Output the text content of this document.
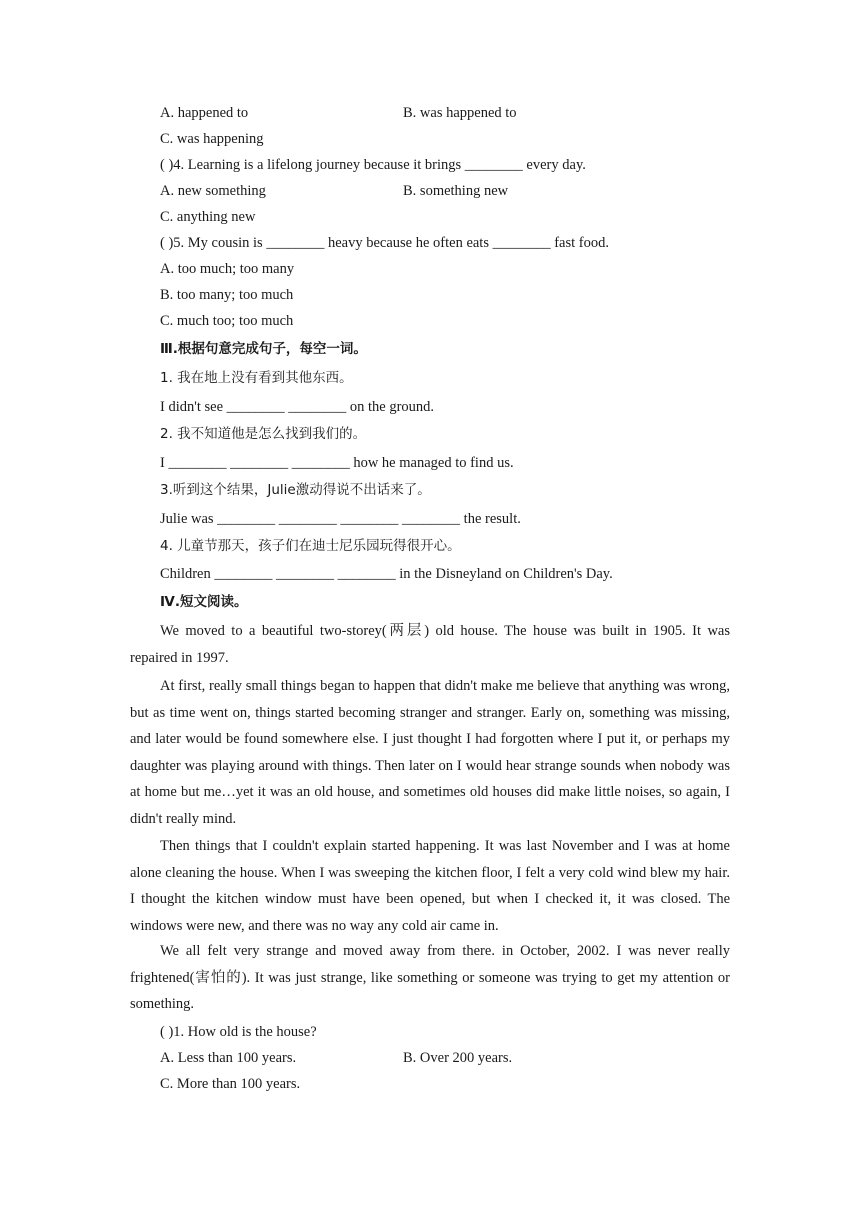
A. happened to	B. was happened to
C. was happening
( )4. Learning is a lifelong journey because it brings ________ every day.
A. new something	B. something new
C. anything new
( )5. My cousin is ________ heavy because he often eats ________ fast food.
A. too much; too many
B. too many; too much
C. much too; too much
Ⅲ.根据句意完成句子，每空一词。
1. 我在地上没有看到其他东西。
I didn't see ________ ________ on the ground.
2. 我不知道他是怎么找到我们的。
I ________ ________ ________ how he managed to find us.
3.听到这个结果，Julie激动得说不出话来了。
Julie was ________ ________ ________ ________ the result.
4. 儿童节那天，孩子们在迪士尼乐园玩得很开心。
Children ________ ________ ________ in the Disneyland on Children's Day.
Ⅳ.短文阅读。
We moved to a beautiful two-storey(两层) old house. The house was built in 1905. It was repaired in 1997.
At first, really small things began to happen that didn't make me believe that anything was wrong, but as time went on, things started becoming stranger and stranger. Early on, something was missing, and later would be found somewhere else. I just thought I had forgotten where I put it, or perhaps my daughter was playing around with things. Then later on I would hear strange sounds when nobody was at home but me…yet it was an old house, and sometimes old houses did make little noises, so again, I didn't really mind.
Then things that I couldn't explain started happening. It was last November and I was at home alone cleaning the house. When I was sweeping the kitchen floor, I felt a very cold wind blew my hair. I thought the kitchen window must have been opened, but when I checked it, it was closed. The windows were new, and there was no way any cold air came in.
We all felt very strange and moved away from there. in October, 2002. I was never really frightened(害怕的). It was just strange, like something or someone was trying to get my attention or something.
( )1. How old is the house?
A. Less than 100 years.	B. Over 200 years.
C. More than 100 years.
